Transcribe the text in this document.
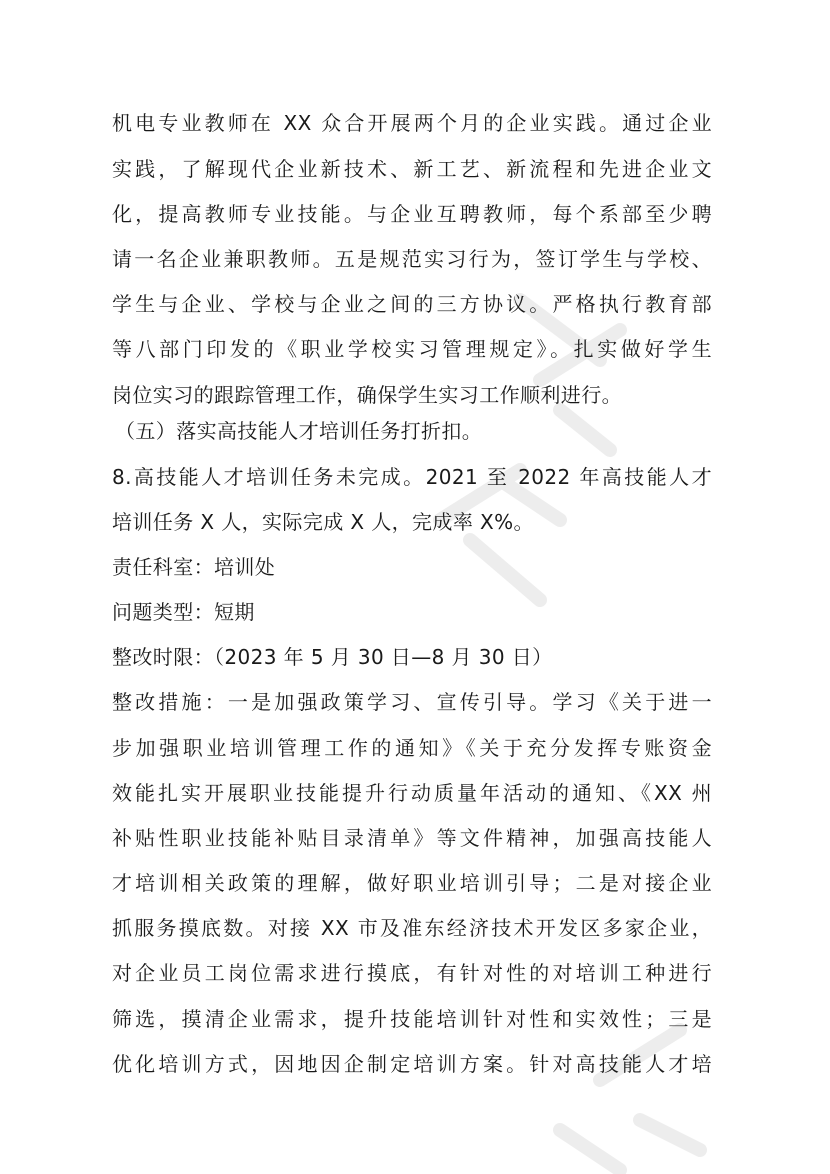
机电专业教师在 XX 众合开展两个月的企业实践。通过企业
实践，了解现代企业新技术、新工艺、新流程和先进企业文
化，提高教师专业技能。与企业互聘教师，每个系部至少聘
请一名企业兼职教师。五是规范实习行为，签订学生与学校、
学生与企业、学校与企业之间的三方协议。严格执行教育部
等八部门印发的《职业学校实习管理规定》。扎实做好学生
岗位实习的跟踪管理工作，确保学生实习工作顺利进行。
（五）落实高技能人才培训任务打折扣。
8.高技能人才培训任务未完成。2021 至 2022 年高技能人才
培训任务 X 人，实际完成 X 人，完成率 X%。
责任科室：培训处
问题类型：短期
整改时限：（2023 年 5 月 30 日—8 月 30 日）
整改措施：一是加强政策学习、宣传引导。学习《关于进一
步加强职业培训管理工作的通知》《关于充分发挥专账资金
效能扎实开展职业技能提升行动质量年活动的通知、《XX 州
补贴性职业技能补贴目录清单》等文件精神，加强高技能人
才培训相关政策的理解，做好职业培训引导；二是对接企业
抓服务摸底数。对接 XX 市及准东经济技术开发区多家企业，
对企业员工岗位需求进行摸底，有针对性的对培训工种进行
筛选，摸清企业需求，提升技能培训针对性和实效性；三是
优化培训方式，因地因企制定培训方案。针对高技能人才培
